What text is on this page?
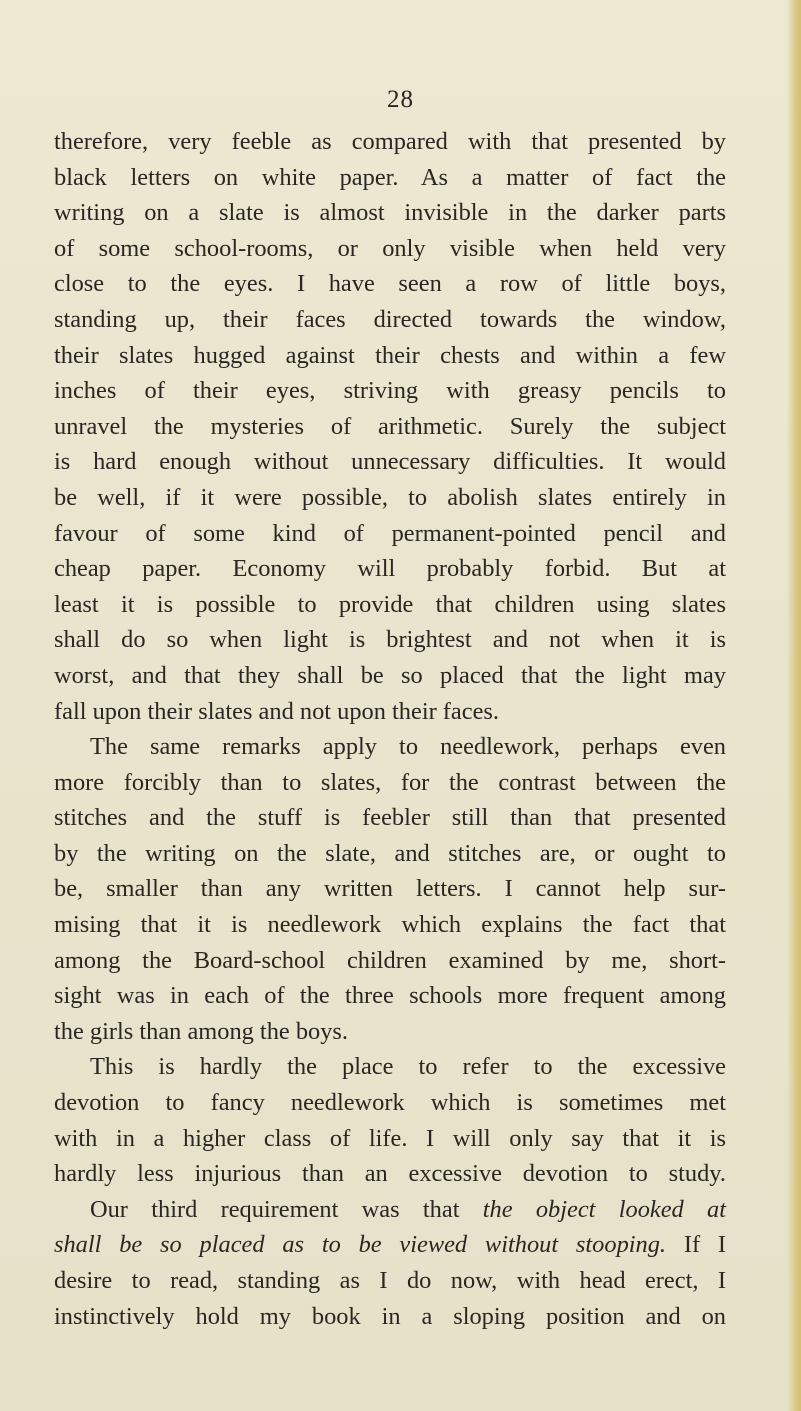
28
therefore, very feeble as compared with that presented by
black letters on white paper. As a matter of fact the
writing on a slate is almost invisible in the darker parts
of some school-rooms, or only visible when held very
close to the eyes. I have seen a row of little boys,
standing up, their faces directed towards the window,
their slates hugged against their chests and within a few
inches of their eyes, striving with greasy pencils to
unravel the mysteries of arithmetic. Surely the subject
is hard enough without unnecessary difficulties. It would
be well, if it were possible, to abolish slates entirely in
favour of some kind of permanent-pointed pencil and
cheap paper. Economy will probably forbid. But at
least it is possible to provide that children using slates
shall do so when light is brightest and not when it is
worst, and that they shall be so placed that the light may
fall upon their slates and not upon their faces.
The same remarks apply to needlework, perhaps even
more forcibly than to slates, for the contrast between the
stitches and the stuff is feebler still than that presented
by the writing on the slate, and stitches are, or ought to
be, smaller than any written letters. I cannot help sur-
mising that it is needlework which explains the fact that
among the Board-school children examined by me, short-
sight was in each of the three schools more frequent among
the girls than among the boys.
This is hardly the place to refer to the excessive
devotion to fancy needlework which is sometimes met
with in a higher class of life. I will only say that it is
hardly less injurious than an excessive devotion to study.
Our third requirement was that the object looked at
shall be so placed as to be viewed without stooping. If I
desire to read, standing as I do now, with head erect, I
instinctively hold my book in a sloping position and on
